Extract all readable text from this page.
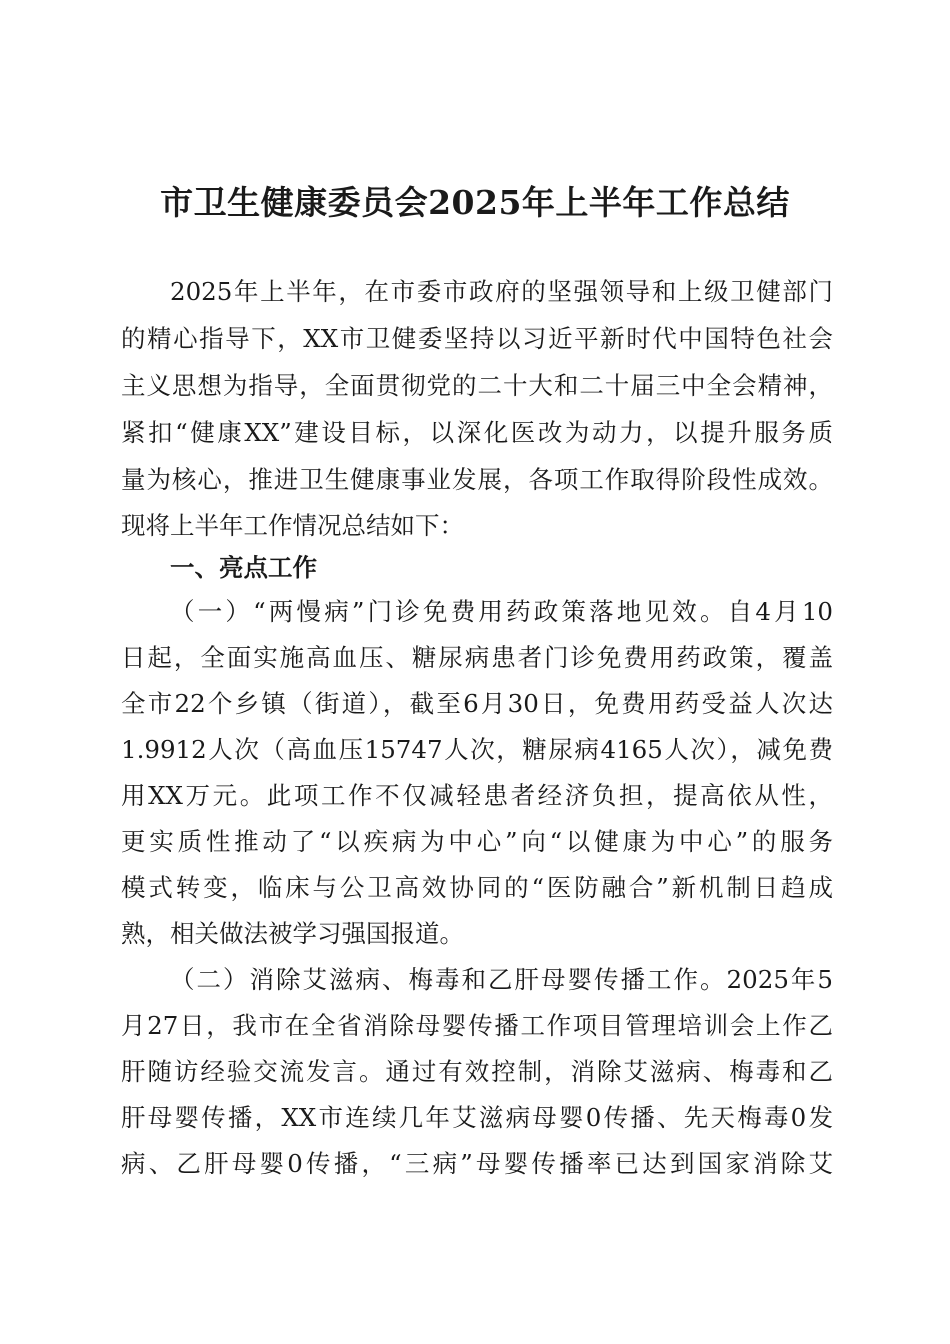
市卫生健康委员会2025年上半年工作总结
2025年上半年，在市委市政府的坚强领导和上级卫健部门
的精心指导下，XX市卫健委坚持以习近平新时代中国特色社会
主义思想为指导，全面贯彻党的二十大和二十届三中全会精神，
紧扣“健康XX”建设目标，以深化医改为动力，以提升服务质
量为核心，推进卫生健康事业发展，各项工作取得阶段性成效。
现将上半年工作情况总结如下：
一、亮点工作
（一）“两慢病”门诊免费用药政策落地见效。自4月10
日起，全面实施高血压、糖尿病患者门诊免费用药政策，覆盖
全市22个乡镇（街道），截至6月30日，免费用药受益人次达
1.9912人次（高血压15747人次，糖尿病4165人次），减免费
用XX万元。此项工作不仅减轻患者经济负担，提高依从性，
更实质性推动了“以疾病为中心”向“以健康为中心”的服务
模式转变，临床与公卫高效协同的“医防融合”新机制日趋成
熟，相关做法被学习强国报道。
（二）消除艾滋病、梅毒和乙肝母婴传播工作。2025年5
月27日，我市在全省消除母婴传播工作项目管理培训会上作乙
肝随访经验交流发言。通过有效控制，消除艾滋病、梅毒和乙
肝母婴传播，XX市连续几年艾滋病母婴0传播、先天梅毒0发
病、乙肝母婴0传播，“三病”母婴传播率已达到国家消除艾
